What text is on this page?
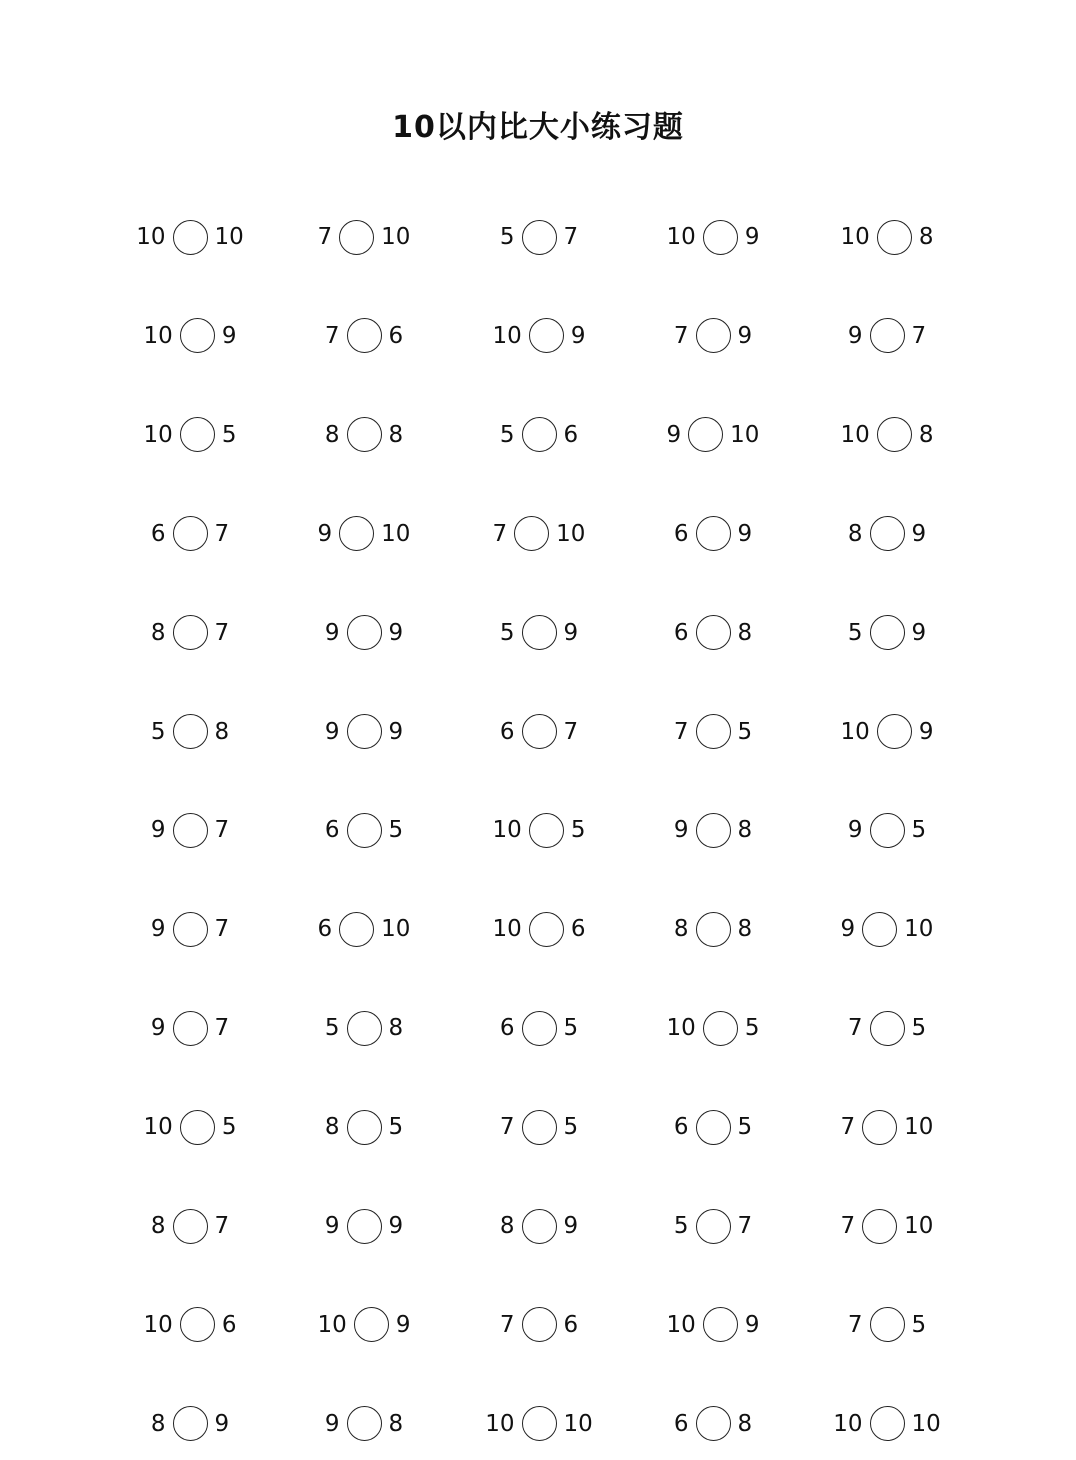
10以内比大小练习题
10 10	7 10	5 7	10 9	10 8
10 9	7 6	10 9	7 9	9 7
10 5	8 8	5 6	9 10	10 8
6 7	9 10	7 10	6 9	8 9
8 7	9 9	5 9	6 8	5 9
5 8	9 9	6 7	7 5	10 9
9 7	6 5	10 5	9 8	9 5
9 7	6 10	10 6	8 8	9 10
9 7	5 8	6 5	10 5	7 5
10 5	8 5	7 5	6 5	7 10
8 7	9 9	8 9	5 7	7 10
10 6	10 9	7 6	10 9	7 5
8 9	9 8	10 10	6 8	10 10
